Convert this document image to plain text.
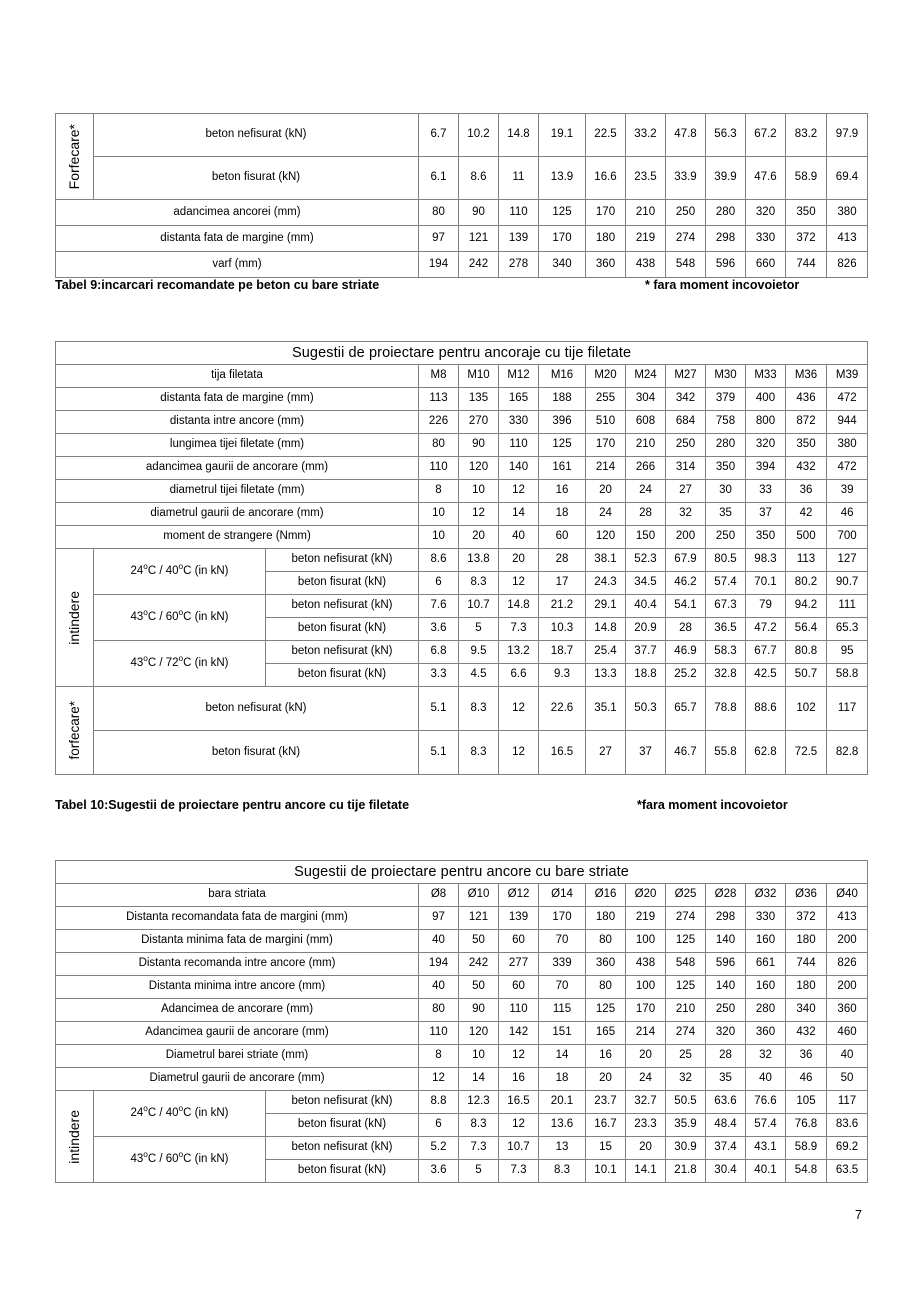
Forfecare*	beton nefisurat (kN)	6.7	10.2	14.8	19.1	22.5	33.2	47.8	56.3	67.2	83.2	97.9
	beton fisurat (kN)	6.1	8.6	11	13.9	16.6	23.5	33.9	39.9	47.6	58.9	69.4
adancimea ancorei (mm)		80	90	110	125	170	210	250	280	320	350	380
distanta fata de margine (mm)		97	121	139	170	180	219	274	298	330	372	413
varf (mm)		194	242	278	340	360	438	548	596	660	744	826
Tabel 9:incarcari recomandate pe beton cu bare striate	* fara moment incovoietor
Sugestii de proiectare pentru ancoraje cu tije filetate													
tija filetata			M8	M10	M12	M16	M20	M24	M27	M30	M33	M36	M39
distanta fata de margine (mm)			113	135	165	188	255	304	342	379	400	436	472
distanta intre ancore (mm)			226	270	330	396	510	608	684	758	800	872	944
lungimea tijei filetate (mm)			80	90	110	125	170	210	250	280	320	350	380
adancimea gaurii de ancorare (mm)			110	120	140	161	214	266	314	350	394	432	472
diametrul tijei filetate (mm)			8	10	12	16	20	24	27	30	33	36	39
diametrul gaurii de ancorare (mm)			10	12	14	18	24	28	32	35	37	42	46
moment de strangere (Nmm)			10	20	40	60	120	150	200	250	350	500	700

intindere	24$^o$C / 40$^o$C (in kN)	beton nefisurat (kN)	8.6	13.8	20	28	38.1	52.3	67.9	80.5	98.3	113	127
		beton fisurat (kN)	6	8.3	12	17	24.3	34.5	46.2	57.4	70.1	80.2	90.7
	43$^o$C / 60$^o$C (in kN)	beton nefisurat (kN)	7.6	10.7	14.8	21.2	29.1	40.4	54.1	67.3	79	94.2	111
		beton fisurat (kN)	3.6	5	7.3	10.3	14.8	20.9	28	36.5	47.2	56.4	65.3
	43$^o$C / 72$^o$C (in kN)	beton nefisurat (kN)	6.8	9.5	13.2	18.7	25.4	37.7	46.9	58.3	67.7	80.8	95
		beton fisurat (kN)	3.3	4.5	6.6	9.3	13.3	18.8	25.2	32.8	42.5	50.7	58.8

forfecare*	beton nefisurat (kN)		5.1	8.3	12	22.6	35.1	50.3	65.7	78.8	88.6	102	117
	beton fisurat (kN)		5.1	8.3	12	16.5	27	37	46.7	55.8	62.8	72.5	82.8
Tabel 10:Sugestii de proiectare pentru ancore cu tije filetate	*fara moment incovoietor
Sugestii de proiectare pentru ancore cu bare striate													
bara striata			Ø8	Ø10	Ø12	Ø14	Ø16	Ø20	Ø25	Ø28	Ø32	Ø36	Ø40
Distanta recomandata fata de margini (mm)			97	121	139	170	180	219	274	298	330	372	413
Distanta minima fata de margini (mm)			40	50	60	70	80	100	125	140	160	180	200
Distanta recomanda intre ancore (mm)			194	242	277	339	360	438	548	596	661	744	826
Distanta minima intre ancore (mm)			40	50	60	70	80	100	125	140	160	180	200
Adancimea de ancorare (mm)			80	90	110	115	125	170	210	250	280	340	360
Adancimea gaurii de ancorare (mm)			110	120	142	151	165	214	274	320	360	432	460
Diametrul barei striate (mm)			8	10	12	14	16	20	25	28	32	36	40
Diametrul gaurii de ancorare (mm)			12	14	16	18	20	24	32	35	40	46	50

intindere	24$^o$C / 40$^o$C (in kN)	beton nefisurat (kN)	8.8	12.3	16.5	20.1	23.7	32.7	50.5	63.6	76.6	105	117
		beton fisurat (kN)	6	8.3	12	13.6	16.7	23.3	35.9	48.4	57.4	76.8	83.6
	43$^o$C / 60$^o$C (in kN)	beton nefisurat (kN)	5.2	7.3	10.7	13	15	20	30.9	37.4	43.1	58.9	69.2
		beton fisurat (kN)	3.6	5	7.3	8.3	10.1	14.1	21.8	30.4	40.1	54.8	63.5
7
